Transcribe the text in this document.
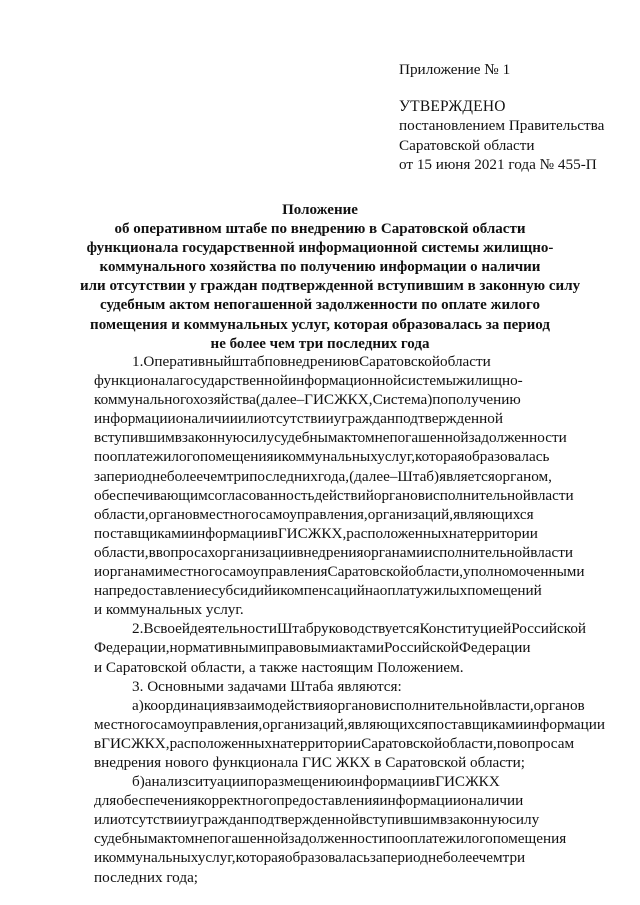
Приложение № 1
УТВЕРЖДЕНО
постановлением Правительства
Саратовской области
от 15 июня 2021 года № 455-П
Положение
об оперативном штабе по внедрению в Саратовской области
функционала государственной информационной системы жилищно-
коммунального хозяйства по получению информации о наличии
или отсутствии у граждан подтвержденной вступившим в законную силу
судебным актом непогашенной задолженности по оплате жилого
помещения и коммунальных услуг, которая образовалась за период
не более чем три последних года
1.ОперативныйштабповнедрениювСаратовскойобласти
функционалагосударственнойинформационнойсистемыжилищно-
коммунальногохозяйства(далее–ГИСЖКХ,Система)пополучению
информациионаличииилиотсутствииугражданподтвержденной
вступившимвзаконнуюсилусудебнымактомнепогашеннойзадолженности
пооплатежилогопомещенияикоммунальныхуслуг,котораяобразовалась
запериоднеболеечемтрипоследнихгода,(далее–Штаб)являетсяорганом,
обеспечивающимсогласованностьдействийоргановисполнительнойвласти
области,органовместногосамоуправления,организаций,являющихся
поставщикамиинформациивГИСЖКХ,расположенныхнатерритории
области,ввопросахорганизациивнедренияорганамиисполнительнойвласти
иорганамиместногосамоуправленияСаратовскойобласти,уполномоченными
напредоставлениесубсидийикомпенсацийнаоплатужилыхпомещений
и коммунальных услуг.
2.ВсвоейдеятельностиШтабруководствуетсяКонституциейРоссийской
Федерации,нормативнымиправовымиактамиРоссийскойФедерации
и Саратовской области, а также настоящим Положением.
3. Основными задачами Штаба являются:
а)координациявзаимодействияоргановисполнительнойвласти,органов
местногосамоуправления,организаций,являющихсяпоставщикамиинформации
вГИСЖКХ,расположенныхнатерриторииСаратовскойобласти,повопросам
внедрения нового функционала ГИС ЖКХ в Саратовской области;
б)анализситуациипоразмещениюинформациивГИСЖКХ
дляобеспечениякорректногопредоставленияинформациионаличии
илиотсутствииугражданподтвержденнойвступившимвзаконнуюсилу
судебнымактомнепогашеннойзадолженностипооплатежилогопомещения
икоммунальныхуслуг,котораяобразоваласьзапериоднеболеечемтри
последних года;
